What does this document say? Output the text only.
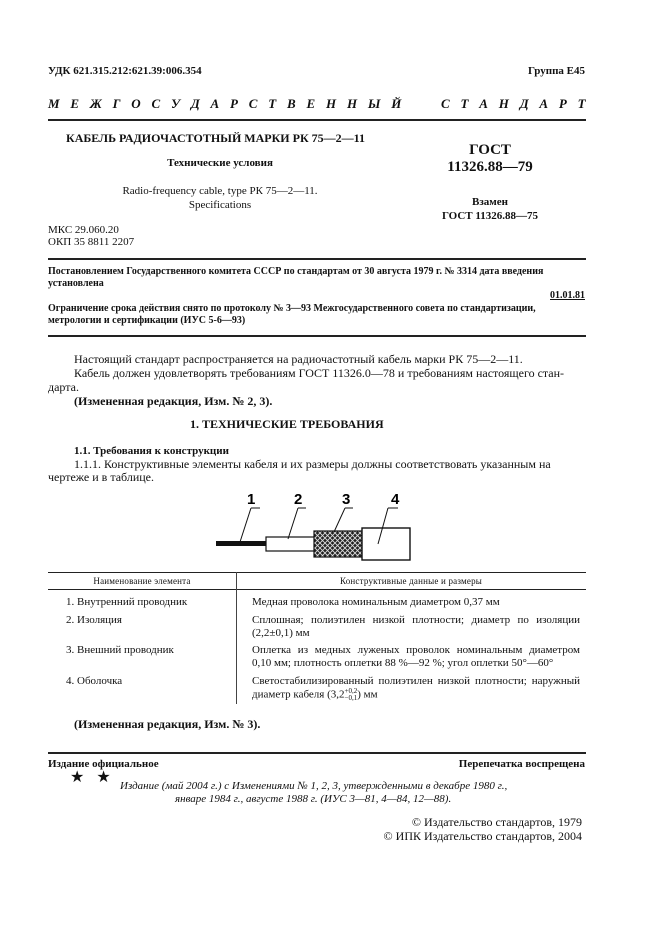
УДК 621.315.212:621.39:006.354	Группа Е45
М Е Ж Г О С У Д А Р С Т В Е Н Н Ы Й	С Т А Н Д А Р Т
КАБЕЛЬ РАДИОЧАСТОТНЫЙ МАРКИ РК 75—2—11
Технические условия
Radio-frequency cable, type РК 75—2—11.
Specifications
ГОСТ
11326.88—79
Взамен
ГОСТ 11326.88—75
МКС 29.060.20
ОКП 35 8811 2207
Постановлением Государственного комитета СССР по стандартам от 30 августа 1979 г. № 3314 дата введения
установлена
01.01.81
Ограничение срока действия снято по протоколу № 3—93 Межгосударственного совета по стандартизации,
метрологии и сертификации (ИУС 5-6—93)
Настоящий стандарт распространяется на радиочастотный кабель марки РК 75—2—11.
Кабель должен удовлетворять требованиям ГОСТ 11326.0—78 и требованиям настоящего стан-
дарта.
(Измененная редакция, Изм. № 2, 3).
1. ТЕХНИЧЕСКИЕ ТРЕБОВАНИЯ
1.1. Требования к конструкции
1.1.1. Конструктивные элементы кабеля и их размеры должны соответствовать указанным на
чертеже и в таблице.
1	2	3	4
Наименование элемента	Конструктивные данные и размеры
1. Внутренний проводник	Медная проволока номинальным диаметром 0,37 мм
2. Изоляция	Сплошная; полиэтилен низкой плотности; диаметр по изоляции
(2,2±0,1) мм
3. Внешний проводник	Оплетка из медных луженых проволок номинальным диаметром
0,10 мм; плотность оплетки 88 %—92 %; угол оплетки 50°—60°
4. Оболочка	Светостабилизированный полиэтилен низкой плотности; наружный
диаметр кабеля (3,2 +0,2
−0,1 ) мм
(Измененная редакция, Изм. № 3).
Издание официальное	Перепечатка воспрещена
★ ★ Издание (май 2004 г.) с Изменениями № 1, 2, 3, утвержденными в декабре 1980 г.,
январе 1984 г., августе 1988 г. (ИУС 3—81, 4—84, 12—88).
© Издательство стандартов, 1979
© ИПК Издательство стандартов, 2004
